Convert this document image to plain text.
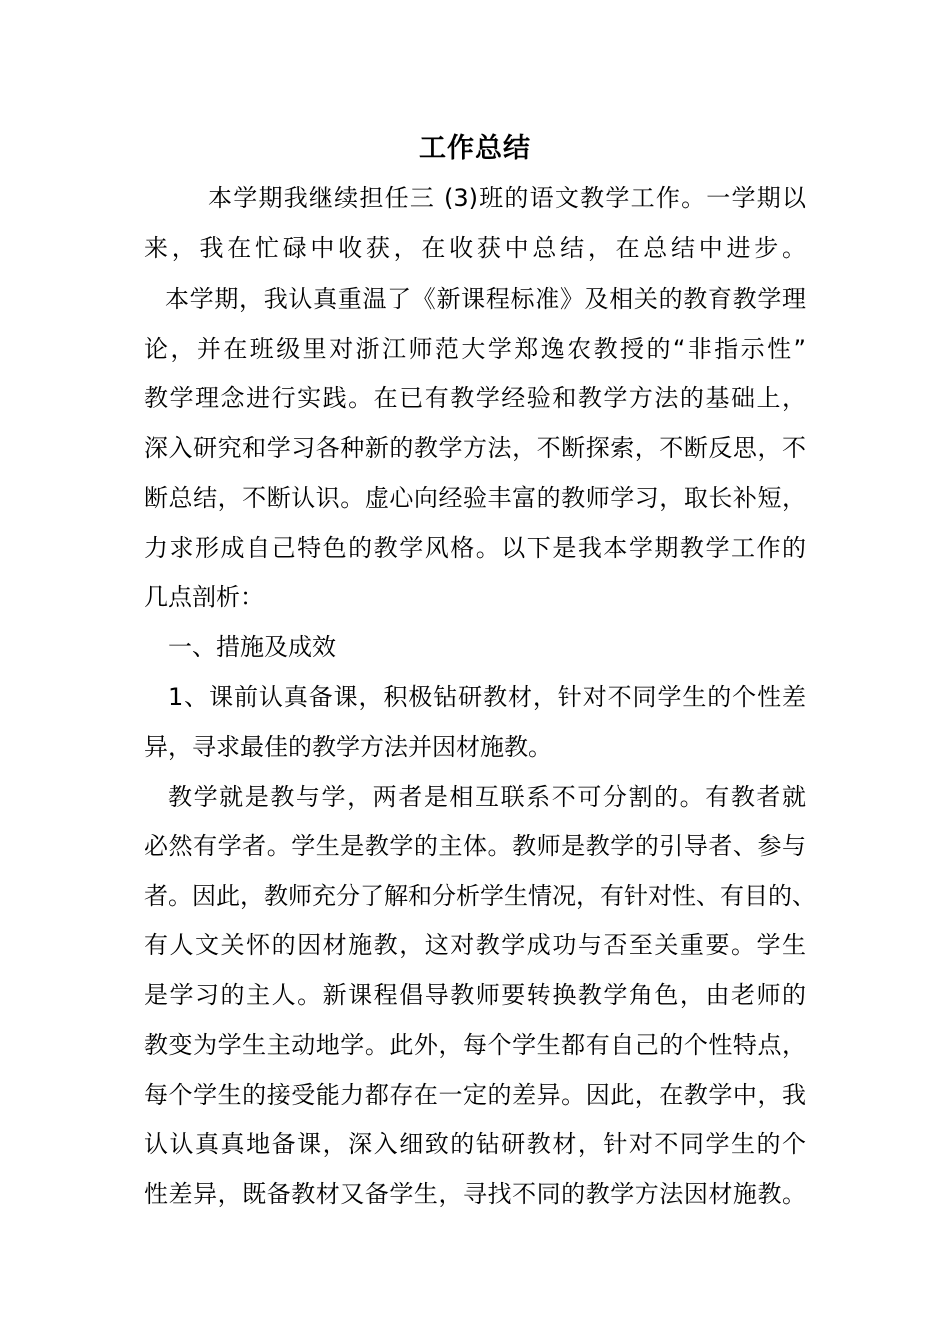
工作总结
本学期我继续担任三 (3)班的语文教学工作。一学期以
来，我在忙碌中收获，在收获中总结，在总结中进步。
本学期，我认真重温了《新课程标准》及相关的教育教学理
论，并在班级里对浙江师范大学郑逸农教授的“非指示性”
教学理念进行实践。在已有教学经验和教学方法的基础上，
深入研究和学习各种新的教学方法，不断探索，不断反思，不
断总结，不断认识。虚心向经验丰富的教师学习，取长补短，
力求形成自己特色的教学风格。以下是我本学期教学工作的
几点剖析：
一、措施及成效
1、课前认真备课，积极钻研教材，针对不同学生的个性差
异，寻求最佳的教学方法并因材施教。
教学就是教与学，两者是相互联系不可分割的。有教者就
必然有学者。学生是教学的主体。教师是教学的引导者、参与
者。因此，教师充分了解和分析学生情况，有针对性、有目的、
有人文关怀的因材施教，这对教学成功与否至关重要。学生
是学习的主人。新课程倡导教师要转换教学角色，由老师的
教变为学生主动地学。此外，每个学生都有自己的个性特点，
每个学生的接受能力都存在一定的差异。因此，在教学中，我
认认真真地备课，深入细致的钻研教材，针对不同学生的个
性差异，既备教材又备学生，寻找不同的教学方法因材施教。
